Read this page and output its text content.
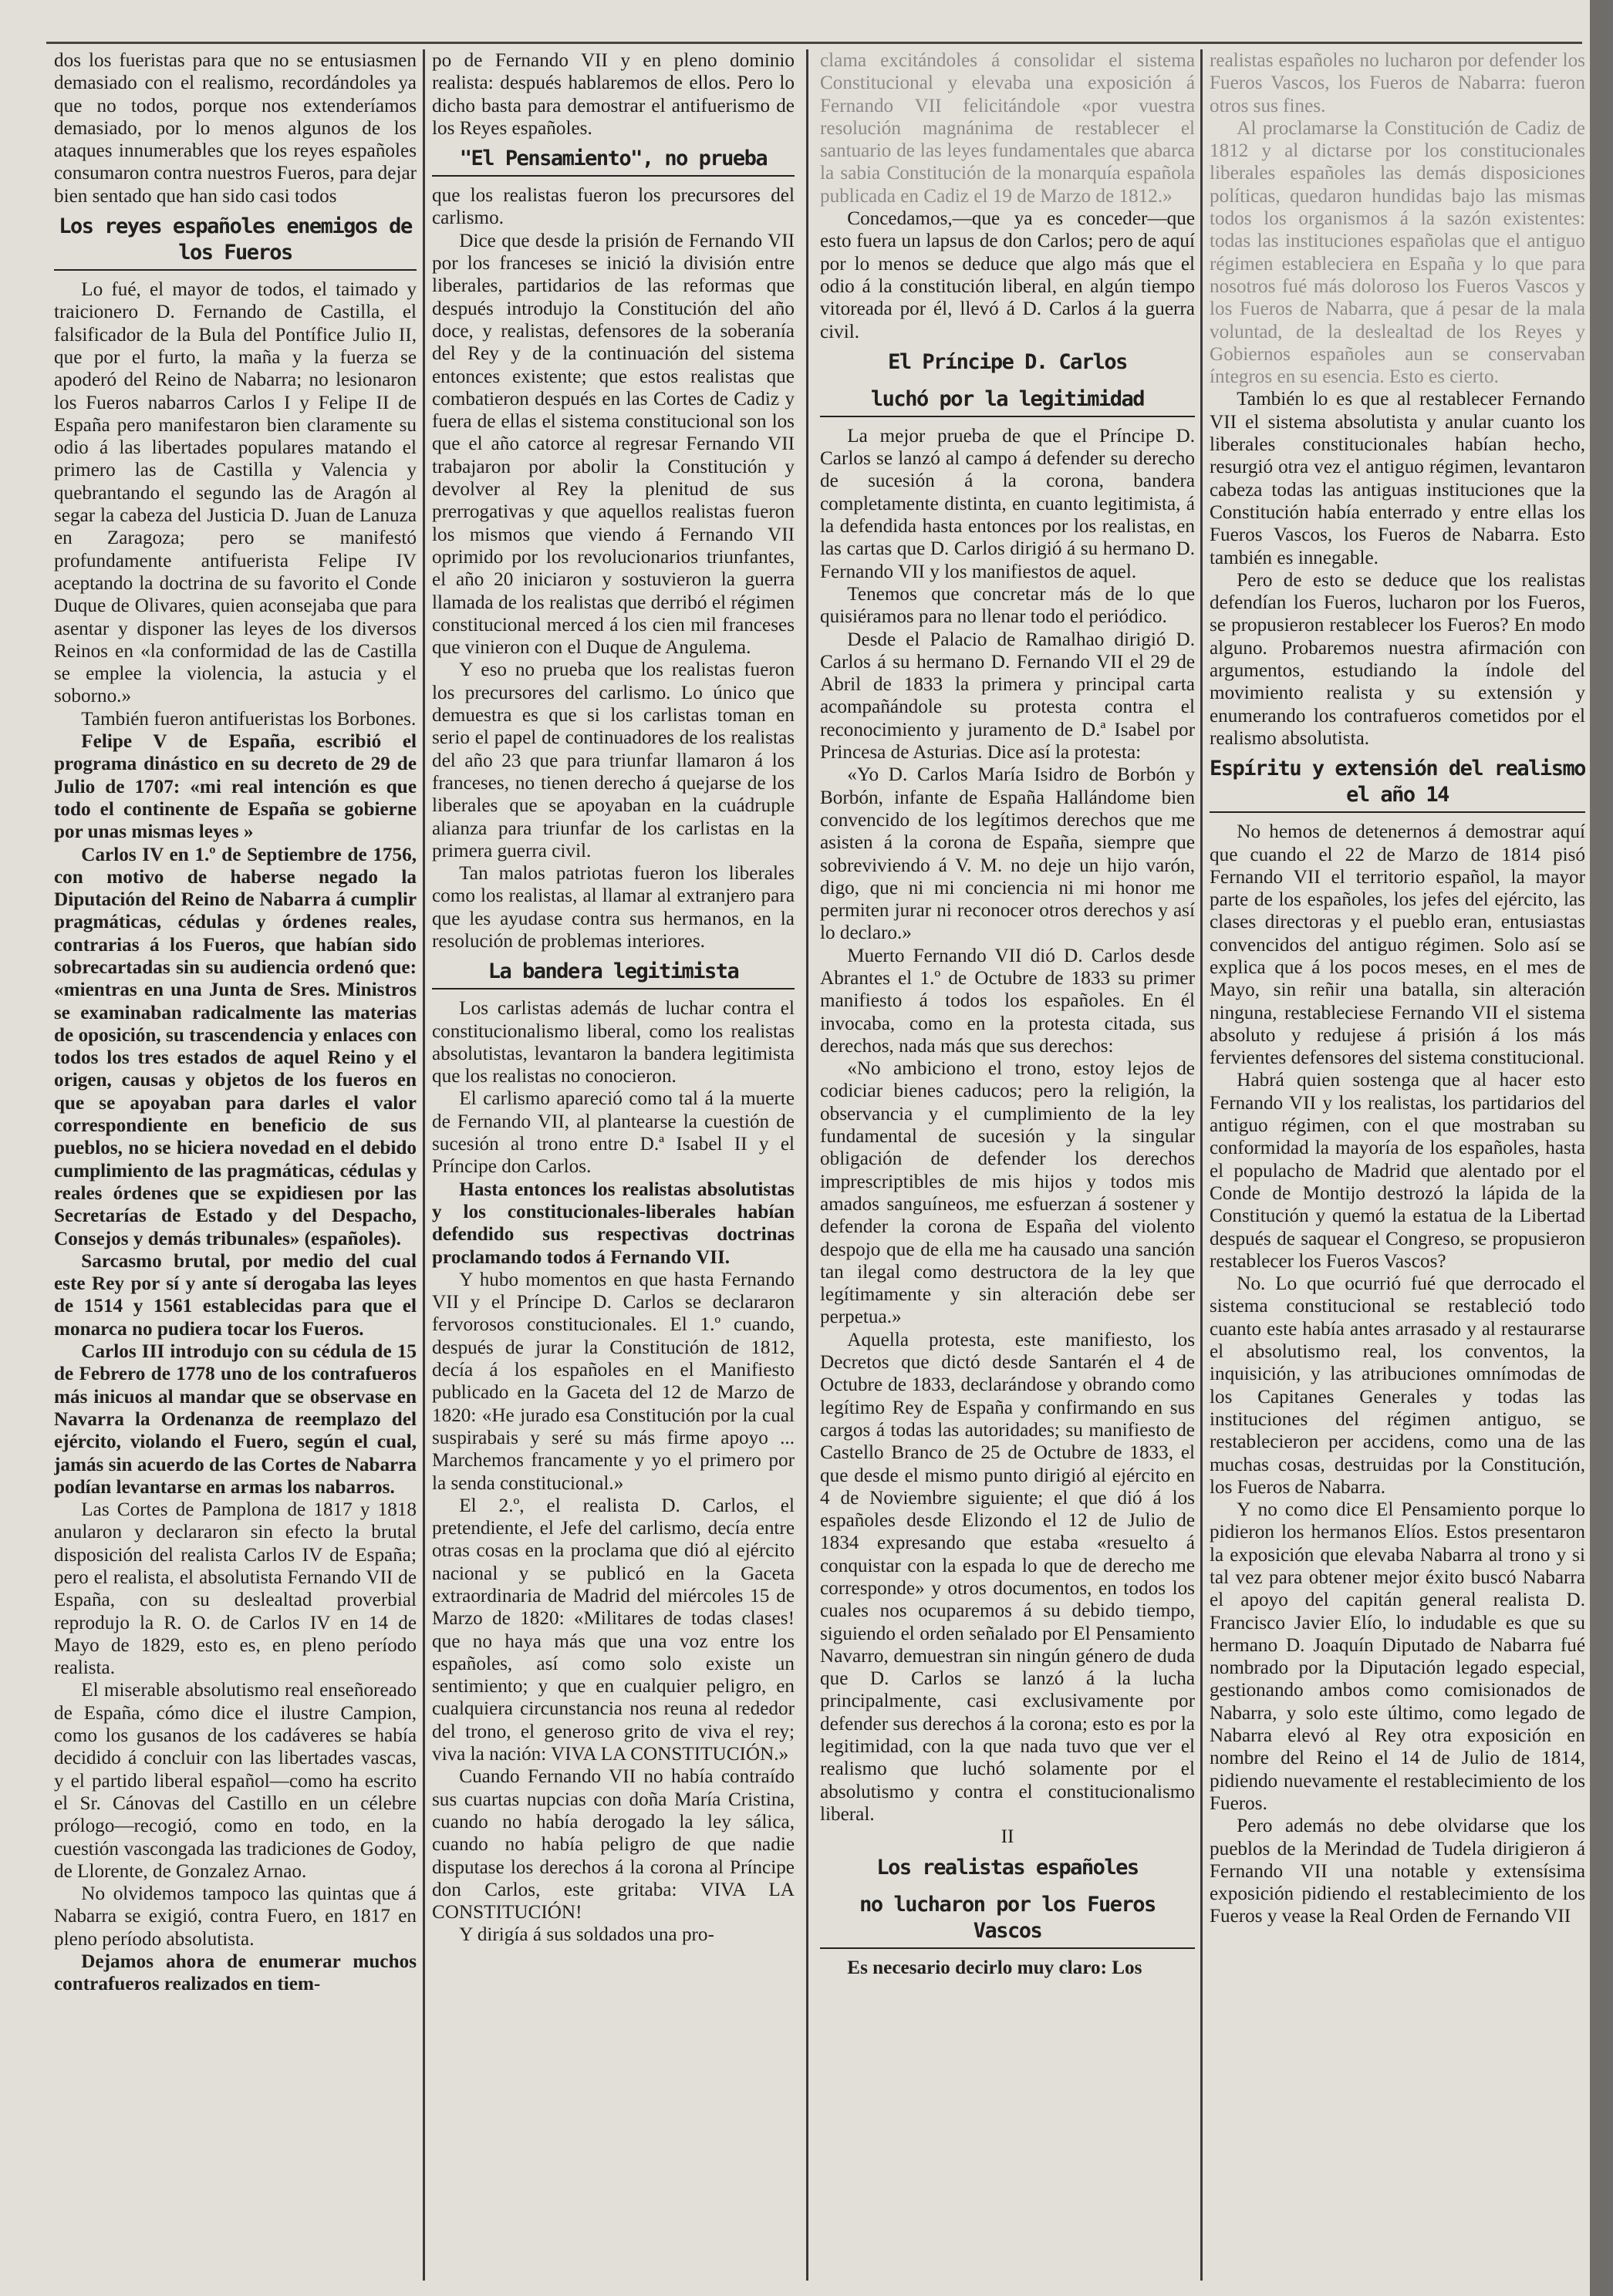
dos los fueristas para que no se entusiasmen demasiado con el realismo, recordándoles ya que no todos, porque nos extenderíamos demasiado, por lo menos algunos de los ataques innumerables que los reyes españoles consumaron contra nuestros Fueros, para dejar bien sentado que han sido casi todos

Los reyes españoles enemigos de los Fueros

Lo fué, el mayor de todos, el taimado y traicionero D. Fernando de Castilla, el falsificador de la Bula del Pontífice Julio II, que por el furto, la maña y la fuerza se apoderó del Reino de Nabarra; no lesionaron los Fueros nabarros Carlos I y Felipe II de España pero manifestaron bien claramente su odio á las libertades populares matando el primero las de Castilla y Valencia y quebrantando el segundo las de Aragón al segar la cabeza del Justicia D. Juan de Lanuza en Zaragoza; pero se manifestó profundamente antifuerista Felipe IV aceptando la doctrina de su favorito el Conde Duque de Olivares, quien aconsejaba que para asentar y disponer las leyes de los diversos Reinos en «la conformidad de las de Castilla se emplee la violencia, la astucia y el soborno.»

También fueron antifueristas los Borbones.

Felipe V de España, escribió el programa dinástico en su decreto de 29 de Julio de 1707: «mi real intención es que todo el continente de España se gobierne por unas mismas leyes »

Carlos IV en 1.º de Septiembre de 1756, con motivo de haberse negado la Diputación del Reino de Nabarra á cumplir pragmáticas, cédulas y órdenes reales, contrarias á los Fueros, que habían sido sobrecartadas sin su audiencia ordenó que: «mientras en una Junta de Sres. Ministros se examinaban radicalmente las materias de oposición, su trascendencia y enlaces con todos los tres estados de aquel Reino y el origen, causas y objetos de los fueros en que se apoyaban para darles el valor correspondiente en beneficio de sus pueblos, no se hiciera novedad en el debido cumplimiento de las pragmáticas, cédulas y reales órdenes que se expidiesen por las Secretarías de Estado y del Despacho, Consejos y demás tribunales» (españoles).

Sarcasmo brutal, por medio del cual este Rey por sí y ante sí derogaba las leyes de 1514 y 1561 establecidas para que el monarca no pudiera tocar los Fueros.

Carlos III introdujo con su cédula de 15 de Febrero de 1778 uno de los contrafueros más inicuos al mandar que se observase en Navarra la Ordenanza de reemplazo del ejército, violando el Fuero, según el cual, jamás sin acuerdo de las Cortes de Nabarra podían levantarse en armas los nabarros.

Las Cortes de Pamplona de 1817 y 1818 anularon y declararon sin efecto la brutal disposición del realista Carlos IV de España; pero el realista, el absolutista Fernando VII de España, con su deslealtad proverbial reprodujo la R. O. de Carlos IV en 14 de Mayo de 1829, esto es, en pleno período realista.

El miserable absolutismo real enseñoreado de España, cómo dice el ilustre Campion, como los gusanos de los cadáveres se había decidido á concluir con las libertades vascas, y el partido liberal español—como ha escrito el Sr. Cánovas del Castillo en un célebre prólogo—recogió, como en todo, en la cuestión vascongada las tradiciones de Godoy, de Llorente, de Gonzalez Arnao.

No olvidemos tampoco las quintas que á Nabarra se exigió, contra Fuero, en 1817 en pleno período absolutista.

Dejamos ahora de enumerar muchos contrafueros realizados en tiem-

po de Fernando VII y en pleno dominio realista: después hablaremos de ellos. Pero lo dicho basta para demostrar el antifuerismo de los Reyes españoles.

"El Pensamiento", no prueba

que los realistas fueron los precursores del carlismo.

Dice que desde la prisión de Fernando VII por los franceses se inició la división entre liberales, partidarios de las reformas que después introdujo la Constitución del año doce, y realistas, defensores de la soberanía del Rey y de la continuación del sistema entonces existente; que estos realistas que combatieron después en las Cortes de Cadiz y fuera de ellas el sistema constitucional son los que el año catorce al regresar Fernando VII trabajaron por abolir la Constitución y devolver al Rey la plenitud de sus prerrogativas y que aquellos realistas fueron los mismos que viendo á Fernando VII oprimido por los revolucionarios triunfantes, el año 20 iniciaron y sostuvieron la guerra llamada de los realistas que derribó el régimen constitucional merced á los cien mil franceses que vinieron con el Duque de Angulema.

Y eso no prueba que los realistas fueron los precursores del carlismo. Lo único que demuestra es que si los carlistas toman en serio el papel de continuadores de los realistas del año 23 que para triunfar llamaron á los franceses, no tienen derecho á quejarse de los liberales que se apoyaban en la cuádruple alianza para triunfar de los carlistas en la primera guerra civil.

Tan malos patriotas fueron los liberales como los realistas, al llamar al extranjero para que les ayudase contra sus hermanos, en la resolución de problemas interiores.

La bandera legitimista

Los carlistas además de luchar contra el constitucionalismo liberal, como los realistas absolutistas, levantaron la bandera legitimista que los realistas no conocieron.

El carlismo apareció como tal á la muerte de Fernando VII, al plantearse la cuestión de sucesión al trono entre D.ª Isabel II y el Príncipe don Carlos.

Hasta entonces los realistas absolutistas y los constitucionales-liberales habían defendido sus respectivas doctrinas proclamando todos á Fernando VII.

Y hubo momentos en que hasta Fernando VII y el Príncipe D. Carlos se declararon fervorosos constitucionales. El 1.º cuando, después de jurar la Constitución de 1812, decía á los españoles en el Manifiesto publicado en la Gaceta del 12 de Marzo de 1820: «He jurado esa Constitución por la cual suspirabais y seré su más firme apoyo ... Marchemos francamente y yo el primero por la senda constitucional.»

El 2.º, el realista D. Carlos, el pretendiente, el Jefe del carlismo, decía entre otras cosas en la proclama que dió al ejército nacional y se publicó en la Gaceta extraordinaria de Madrid del miércoles 15 de Marzo de 1820: «Militares de todas clases! que no haya más que una voz entre los españoles, así como solo existe un sentimiento; y que en cualquier peligro, en cualquiera circunstancia nos reuna al rededor del trono, el generoso grito de viva el rey; viva la nación: VIVA LA CONSTITUCIÓN.»

Cuando Fernando VII no había contraído sus cuartas nupcias con doña María Cristina, cuando no había derogado la ley sálica, cuando no había peligro de que nadie disputase los derechos á la corona al Príncipe don Carlos, este gritaba: VIVA LA CONSTITUCIÓN!

Y dirigía á sus soldados una pro-

clama excitándoles á consolidar el sistema Constitucional y elevaba una exposición á Fernando VII felicitándole «por vuestra resolución magnánima de restablecer el santuario de las leyes fundamentales que abarca la sabia Constitución de la monarquía española publicada en Cadiz el 19 de Marzo de 1812.»

Concedamos,—que ya es conceder—que esto fuera un lapsus de don Carlos; pero de aquí por lo menos se deduce que algo más que el odio á la constitución liberal, en algún tiempo vitoreada por él, llevó á D. Carlos á la guerra civil.

El Príncipe D. Carlos
luchó por la legitimidad

La mejor prueba de que el Príncipe D. Carlos se lanzó al campo á defender su derecho de sucesión á la corona, bandera completamente distinta, en cuanto legitimista, á la defendida hasta entonces por los realistas, en las cartas que D. Carlos dirigió á su hermano D. Fernando VII y los manifiestos de aquel.

Tenemos que concretar más de lo que quisiéramos para no llenar todo el periódico.

Desde el Palacio de Ramalhao dirigió D. Carlos á su hermano D. Fernando VII el 29 de Abril de 1833 la primera y principal carta acompañándole su protesta contra el reconocimiento y juramento de D.ª Isabel por Princesa de Asturias. Dice así la protesta:

«Yo D. Carlos María Isidro de Borbón y Borbón, infante de España Hallándome bien convencido de los legítimos derechos que me asisten á la corona de España, siempre que sobreviviendo á V. M. no deje un hijo varón, digo, que ni mi conciencia ni mi honor me permiten jurar ni reconocer otros derechos y así lo declaro.»

Muerto Fernando VII dió D. Carlos desde Abrantes el 1.º de Octubre de 1833 su primer manifiesto á todos los españoles. En él invocaba, como en la protesta citada, sus derechos, nada más que sus derechos:

«No ambiciono el trono, estoy lejos de codiciar bienes caducos; pero la religión, la observancia y el cumplimiento de la ley fundamental de sucesión y la singular obligación de defender los derechos imprescriptibles de mis hijos y todos mis amados sanguíneos, me esfuerzan á sostener y defender la corona de España del violento despojo que de ella me ha causado una sanción tan ilegal como destructora de la ley que legítimamente y sin alteración debe ser perpetua.»

Aquella protesta, este manifiesto, los Decretos que dictó desde Santarén el 4 de Octubre de 1833, declarándose y obrando como legítimo Rey de España y confirmando en sus cargos á todas las autoridades; su manifiesto de Castello Branco de 25 de Octubre de 1833, el que desde el mismo punto dirigió al ejército en 4 de Noviembre siguiente; el que dió á los españoles desde Elizondo el 12 de Julio de 1834 expresando que estaba «resuelto á conquistar con la espada lo que de derecho me corresponde» y otros documentos, en todos los cuales nos ocuparemos á su debido tiempo, siguiendo el orden señalado por El Pensamiento Navarro, demuestran sin ningún género de duda que D. Carlos se lanzó á la lucha principalmente, casi exclusivamente por defender sus derechos á la corona; esto es por la legitimidad, con la que nada tuvo que ver el realismo que luchó solamente por el absolutismo y contra el constitucionalismo liberal.

II

Los realistas españoles
no lucharon por los Fueros Vascos

Es necesario decirlo muy claro: Los

realistas españoles no lucharon por defender los Fueros Vascos, los Fueros de Nabarra: fueron otros sus fines.

Al proclamarse la Constitución de Cadiz de 1812 y al dictarse por los constitucionales liberales españoles las demás disposiciones políticas, quedaron hundidas bajo las mismas todos los organismos á la sazón existentes: todas las instituciones españolas que el antiguo régimen estableciera en España y lo que para nosotros fué más doloroso los Fueros Vascos y los Fueros de Nabarra, que á pesar de la mala voluntad, de la deslealtad de los Reyes y Gobiernos españoles aun se conservaban íntegros en su esencia. Esto es cierto.

También lo es que al restablecer Fernando VII el sistema absolutista y anular cuanto los liberales constitucionales habían hecho, resurgió otra vez el antiguo régimen, levantaron cabeza todas las antiguas instituciones que la Constitución había enterrado y entre ellas los Fueros Vascos, los Fueros de Nabarra. Esto también es innegable.

Pero de esto se deduce que los realistas defendían los Fueros, lucharon por los Fueros, se propusieron restablecer los Fueros? En modo alguno. Probaremos nuestra afirmación con argumentos, estudiando la índole del movimiento realista y su extensión y enumerando los contrafueros cometidos por el realismo absolutista.

Espíritu y extensión del realismo el año 14

No hemos de detenernos á demostrar aquí que cuando el 22 de Marzo de 1814 pisó Fernando VII el territorio español, la mayor parte de los españoles, los jefes del ejército, las clases directoras y el pueblo eran, entusiastas convencidos del antiguo régimen. Solo así se explica que á los pocos meses, en el mes de Mayo, sin reñir una batalla, sin alteración ninguna, restableciese Fernando VII el sistema absoluto y redujese á prisión á los más fervientes defensores del sistema constitucional.

Habrá quien sostenga que al hacer esto Fernando VII y los realistas, los partidarios del antiguo régimen, con el que mostraban su conformidad la mayoría de los españoles, hasta el populacho de Madrid que alentado por el Conde de Montijo destrozó la lápida de la Constitución y quemó la estatua de la Libertad después de saquear el Congreso, se propusieron restablecer los Fueros Vascos?

No. Lo que ocurrió fué que derrocado el sistema constitucional se restableció todo cuanto este había antes arrasado y al restaurarse el absolutismo real, los conventos, la inquisición, y las atribuciones omnímodas de los Capitanes Generales y todas las instituciones del régimen antiguo, se restablecieron per accidens, como una de las muchas cosas, destruidas por la Constitución, los Fueros de Nabarra.

Y no como dice El Pensamiento porque lo pidieron los hermanos Elíos. Estos presentaron la exposición que elevaba Nabarra al trono y si tal vez para obtener mejor éxito buscó Nabarra el apoyo del capitán general realista D. Francisco Javier Elío, lo indudable es que su hermano D. Joaquín Diputado de Nabarra fué nombrado por la Diputación legado especial, gestionando ambos como comisionados de Nabarra, y solo este último, como legado de Nabarra elevó al Rey otra exposición en nombre del Reino el 14 de Julio de 1814, pidiendo nuevamente el restablecimiento de los Fueros.

Pero además no debe olvidarse que los pueblos de la Merindad de Tudela dirigieron á Fernando VII una notable y extensísima exposición pidiendo el restablecimiento de los Fueros y vease la Real Orden de Fernando VII
